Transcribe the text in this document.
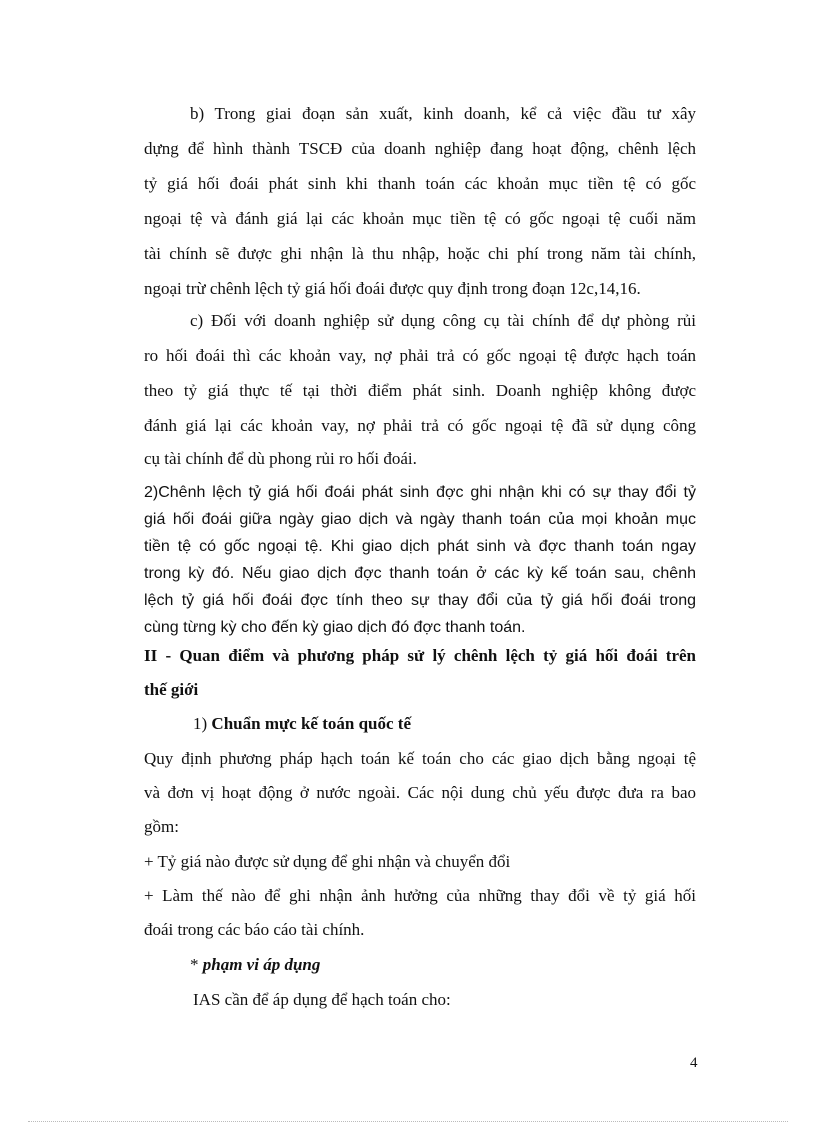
b) Trong giai đoạn sản xuất, kinh doanh, kể cả việc đầu tư xây
dựng để hình thành TSCĐ của doanh nghiệp đang hoạt động, chênh lệch
tỷ giá hối đoái phát sinh khi thanh toán các khoản mục tiền tệ có gốc
ngoại tệ và đánh giá lại các khoản mục tiền tệ có gốc ngoại tệ cuối năm
tài chính sẽ được ghi nhận là thu nhập, hoặc chi phí trong năm tài chính,
ngoại trừ chênh lệch tỷ giá hối đoái được quy định trong đoạn 12c,14,16.
c) Đối với doanh nghiệp sử dụng công cụ tài chính để dự phòng rủi
ro hối đoái thì các khoản vay, nợ phải trả có gốc ngoại tệ được hạch toán
theo tỷ giá thực tế tại thời điểm phát sinh. Doanh nghiệp không được
đánh giá lại các khoản vay, nợ phải trả có gốc ngoại tệ đã sử dụng công
cụ tài chính để dù phong rủi ro hối đoái.
2)Chênh lệch tỷ giá hối đoái phát sinh đợc ghi nhận khi có sự thay đổi tỷ
giá hối đoái giữa ngày giao dịch và ngày thanh toán của mọi khoản mục
tiền tệ có gốc ngoại tệ. Khi giao dịch phát sinh và đợc thanh toán ngay
trong kỳ đó. Nếu giao dịch đợc thanh toán ở các kỳ kế toán sau, chênh
lệch tỷ giá hối đoái đợc tính theo sự thay đổi của tỷ giá hối đoái trong
cùng từng kỳ cho đến kỳ giao dịch đó đợc thanh toán.
II - Quan điểm và phương pháp sử lý chênh lệch tỷ giá hối đoái trên
thế giới
1) Chuẩn mực kế toán quốc tế
Quy định phương pháp hạch toán kế toán cho các giao dịch bằng ngoại tệ
và đơn vị hoạt động ở nước ngoài. Các nội dung chủ yếu được đưa ra bao
gồm:
+ Tỷ giá nào được sử dụng để ghi nhận và chuyển đổi
+ Làm thế nào để ghi nhận ảnh hưởng của những thay đổi về tỷ giá hối
đoái trong các báo cáo tài chính.
* phạm vi áp dụng
IAS cần để áp dụng để hạch toán cho:
4
